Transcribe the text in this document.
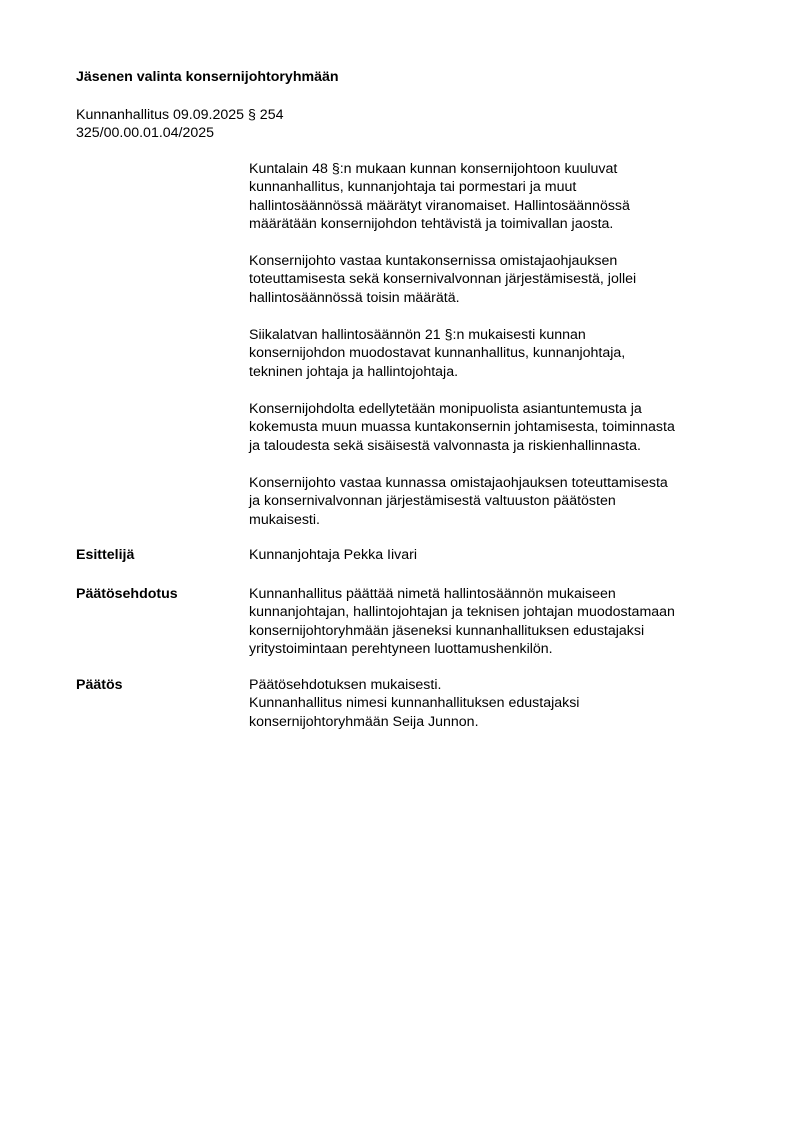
Jäsenen valinta konsernijohtoryhmään
Kunnanhallitus 09.09.2025 § 254
325/00.00.01.04/2025
Kuntalain 48 §:n mukaan kunnan konsernijohtoon kuuluvat
kunnanhallitus, kunnanjohtaja tai pormestari ja muut
hallintosäännössä määrätyt viranomaiset. Hallintosäännössä
määrätään konsernijohdon tehtävistä ja toimivallan jaosta.
Konsernijohto vastaa kuntakonsernissa omistajaohjauksen
toteuttamisesta sekä konsernivalvonnan järjestämisestä, jollei
hallintosäännössä toisin määrätä.
Siikalatvan hallintosäännön 21 §:n mukaisesti kunnan
konsernijohdon muodostavat kunnanhallitus, kunnanjohtaja,
tekninen johtaja ja hallintojohtaja.
Konsernijohdolta edellytetään monipuolista asiantuntemusta ja
kokemusta muun muassa kuntakonsernin johtamisesta, toiminnasta
ja taloudesta sekä sisäisestä valvonnasta ja riskienhallinnasta.
Konsernijohto vastaa kunnassa omistajaohjauksen toteuttamisesta
ja konsernivalvonnan järjestämisestä valtuuston päätösten
mukaisesti.
Esittelijä	Kunnanjohtaja Pekka Iivari
Päätösehdotus	Kunnanhallitus päättää nimetä hallintosäännön mukaiseen
kunnanjohtajan, hallintojohtajan ja teknisen johtajan muodostamaan
konsernijohtoryhmään jäseneksi kunnanhallituksen edustajaksi
yritystoimintaan perehtyneen luottamushenkilön.
Päätös	Päätösehdotuksen mukaisesti.
Kunnanhallitus nimesi kunnanhallituksen edustajaksi
konsernijohtoryhmään Seija Junnon.
